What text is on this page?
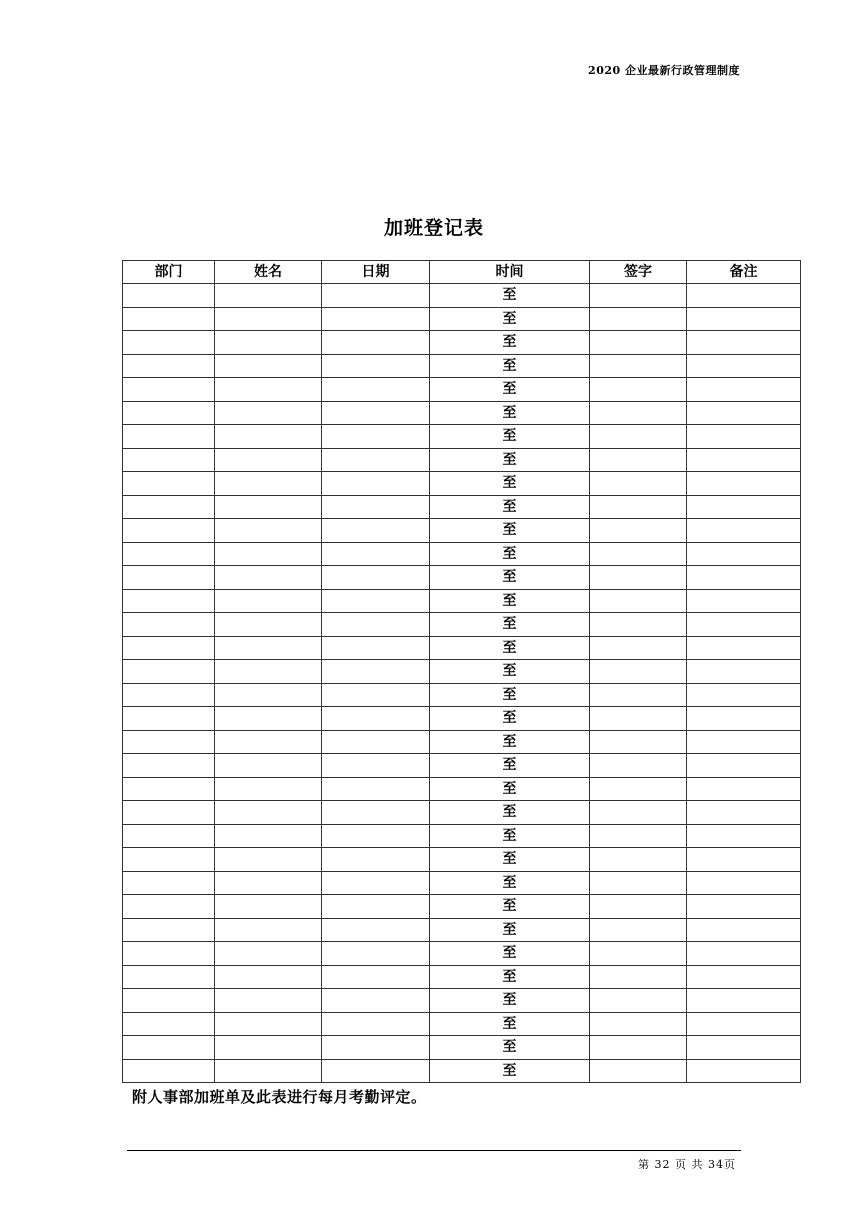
2020 企业最新行政管理制度
加班登记表
部门	姓名	日期	时间	签字	备注
			至		
			至		
			至		
			至		
			至		
			至		
			至		
			至		
			至		
			至		
			至		
			至		
			至		
			至		
			至		
			至		
			至		
			至		
			至		
			至		
			至		
			至		
			至		
			至		
			至		
			至		
			至		
			至		
			至		
			至		
			至		
			至		
			至		
			至		
附人事部加班单及此表进行每月考勤评定。
第 32 页 共 34页
